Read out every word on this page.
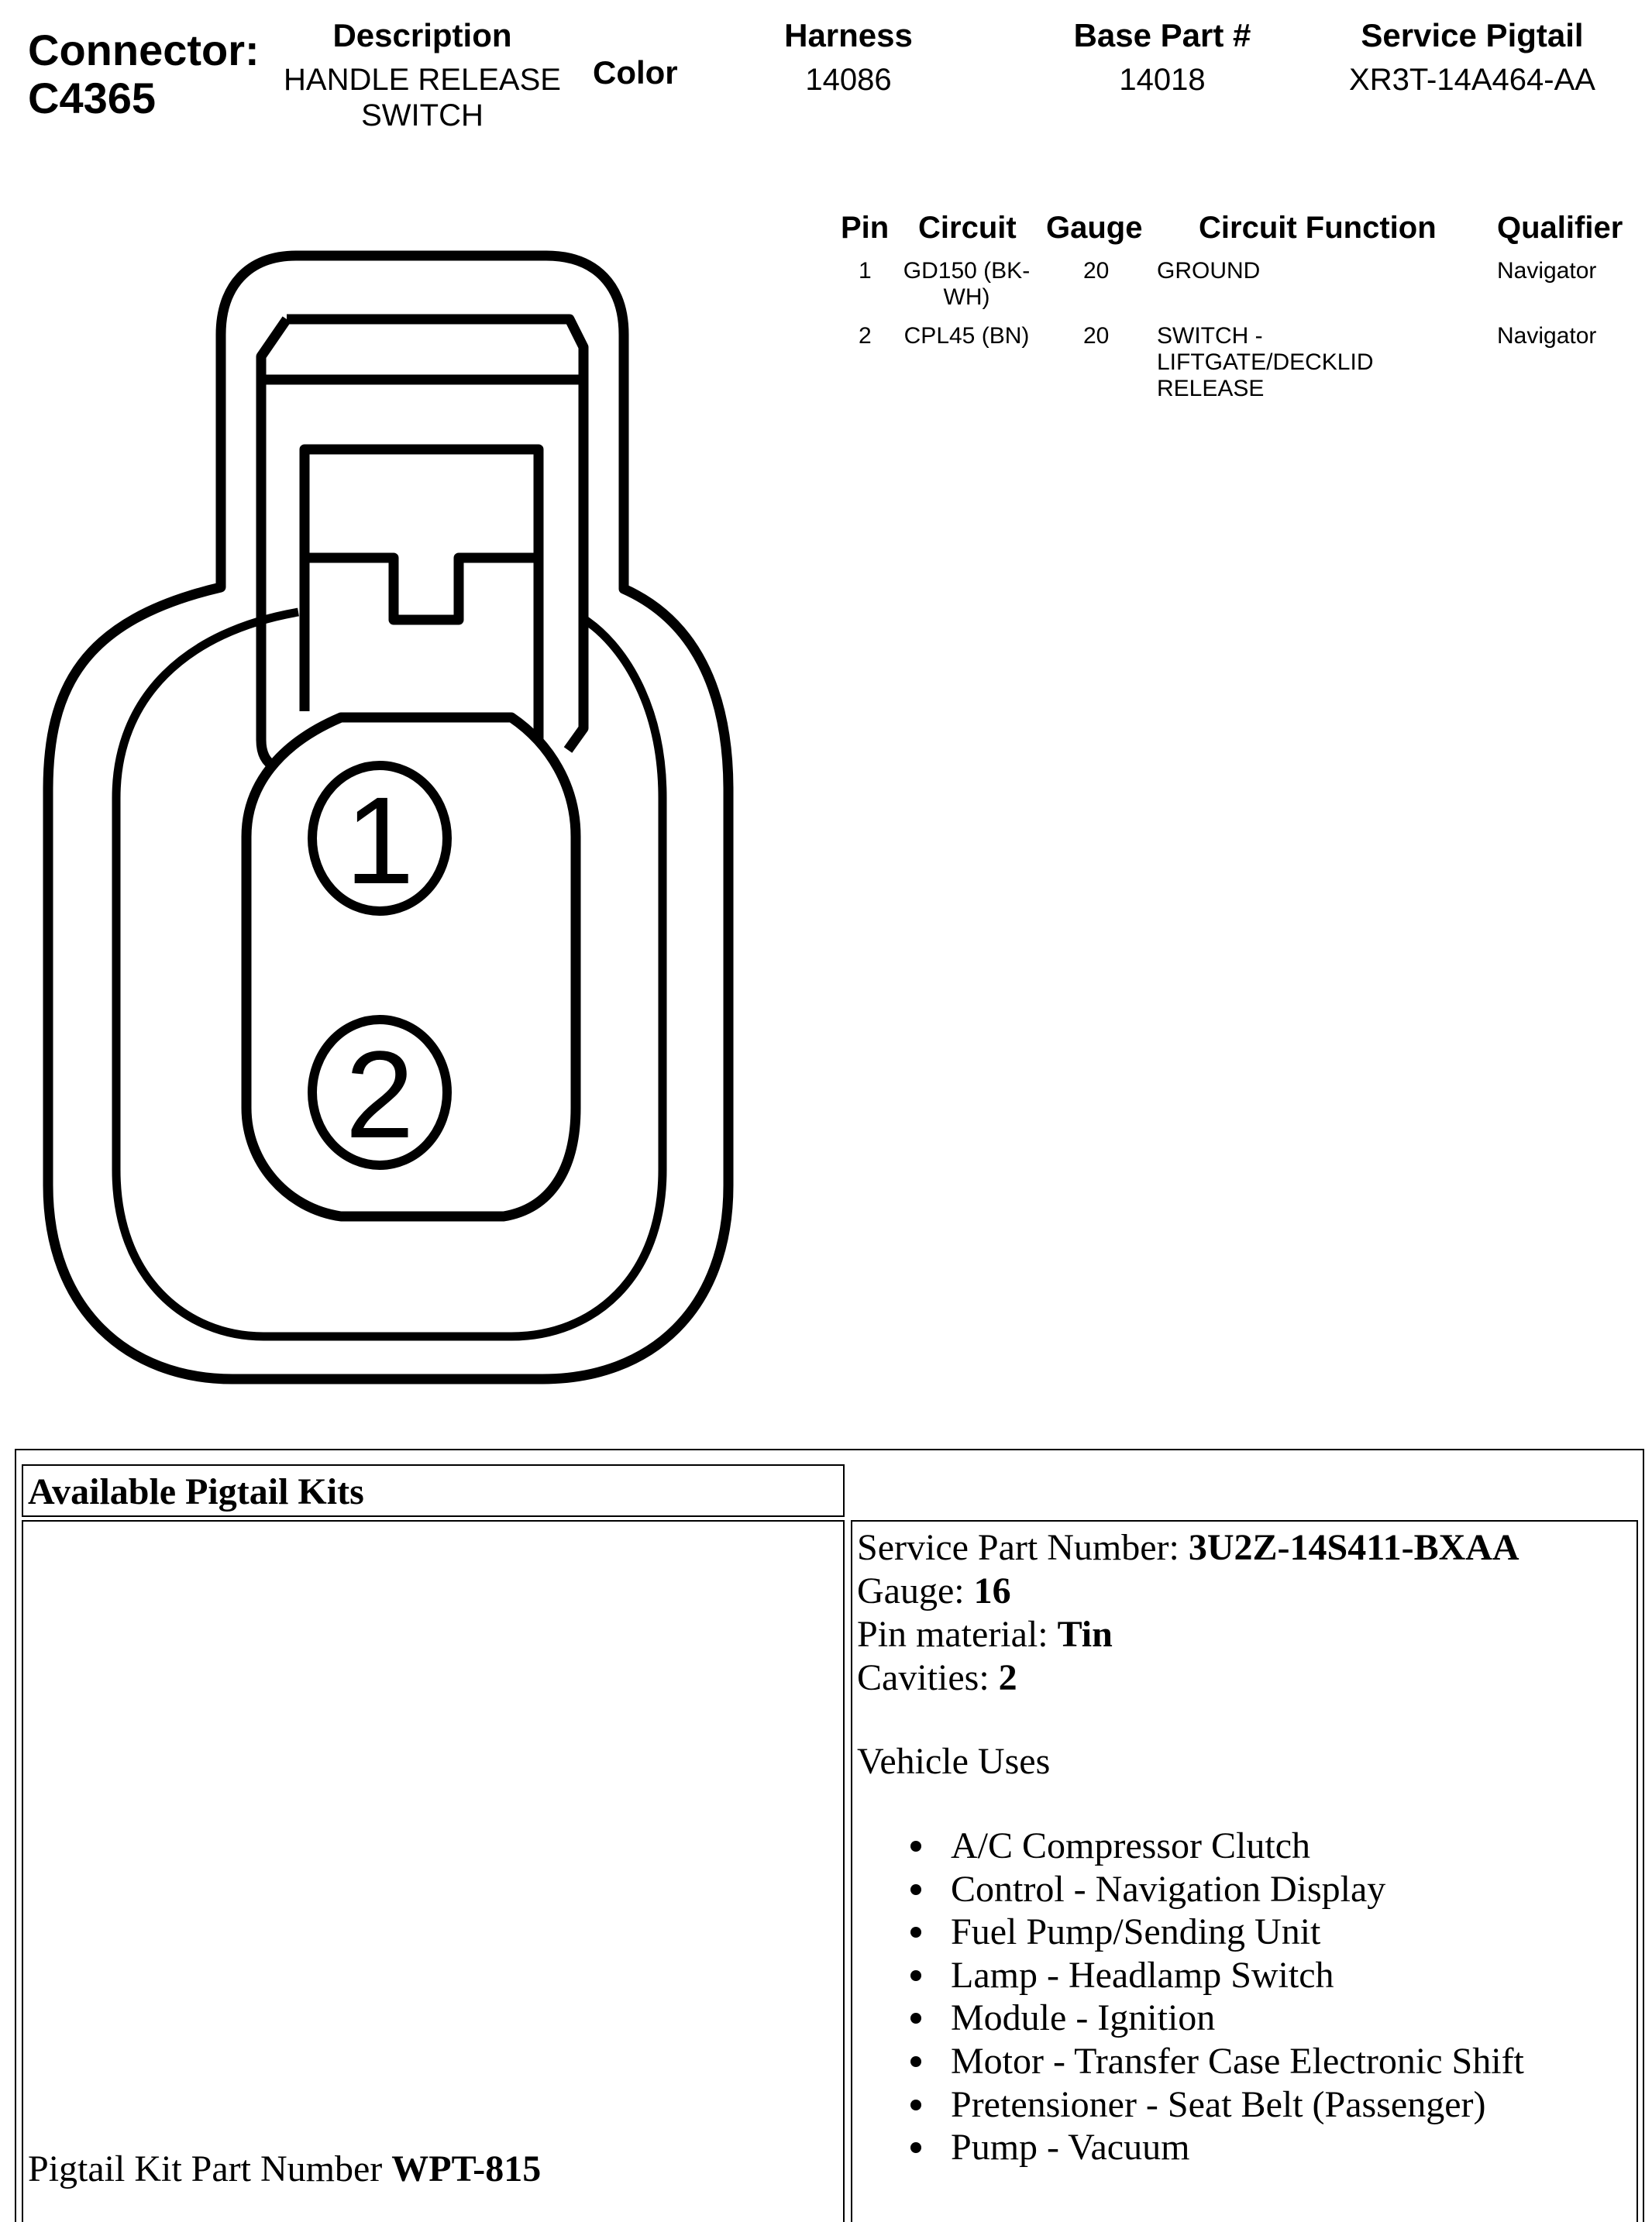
Connector:
C4365
Description
HANDLE RELEASE
SWITCH
Color
Harness
14086
Base Part #
14018
Service Pigtail
XR3T-14A464-AA
Pin Circuit Gauge Circuit Function Qualifier
1 GD150 (BK-
WH)
20 GROUND	Navigator
2 CPL45 (BN) 20 SWITCH -
LIFTGATE/DECKLID
RELEASE
Navigator
1
2
Available Pigtail Kits
Pigtail Kit Part Number WPT-815
Service Part Number: 3U2Z-14S411-BXAA
Gauge: 16
Pin material: Tin
Cavities: 2
Vehicle Uses
A/C Compressor Clutch
Control - Navigation Display
Fuel Pump/Sending Unit
Lamp - Headlamp Switch
Module - Ignition
Motor - Transfer Case Electronic Shift
Pretensioner - Seat Belt (Passenger)
Pump - Vacuum
